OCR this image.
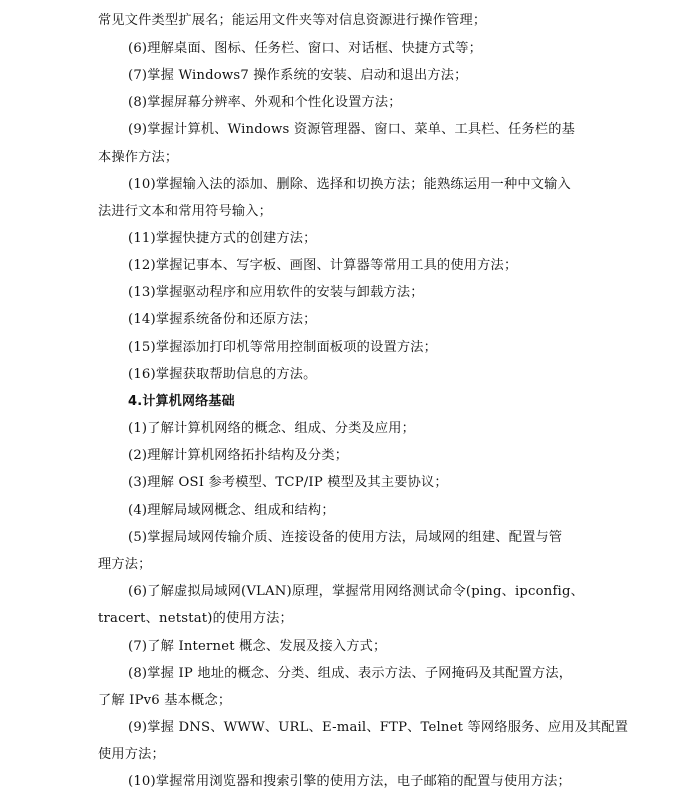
常见文件类型扩展名；能运用文件夹等对信息资源进行操作管理；
(6)理解桌面、图标、任务栏、窗口、对话框、快捷方式等；
(7)掌握 Windows7 操作系统的安装、启动和退出方法；
(8)掌握屏幕分辨率、外观和个性化设置方法；
(9)掌握计算机、Windows 资源管理器、窗口、菜单、工具栏、任务栏的基
本操作方法；
(10)掌握输入法的添加、删除、选择和切换方法；能熟练运用一种中文输入
法进行文本和常用符号输入；
(11)掌握快捷方式的创建方法；
(12)掌握记事本、写字板、画图、计算器等常用工具的使用方法；
(13)掌握驱动程序和应用软件的安装与卸载方法；
(14)掌握系统备份和还原方法；
(15)掌握添加打印机等常用控制面板项的设置方法；
(16)掌握获取帮助信息的方法。
4.计算机网络基础
(1)了解计算机网络的概念、组成、分类及应用；
(2)理解计算机网络拓扑结构及分类；
(3)理解 OSI 参考模型、TCP/IP 模型及其主要协议；
(4)理解局域网概念、组成和结构；
(5)掌握局域网传输介质、连接设备的使用方法，局域网的组建、配置与管
理方法；
(6)了解虚拟局域网(VLAN)原理，掌握常用网络测试命令(ping、ipconfig、
tracert、netstat)的使用方法；
(7)了解 Internet 概念、发展及接入方式；
(8)掌握 IP 地址的概念、分类、组成、表示方法、子网掩码及其配置方法，
了解 IPv6 基本概念；
(9)掌握 DNS、WWW、URL、E-mail、FTP、Telnet 等网络服务、应用及其配置
使用方法；
(10)掌握常用浏览器和搜索引擎的使用方法，电子邮箱的配置与使用方法；
